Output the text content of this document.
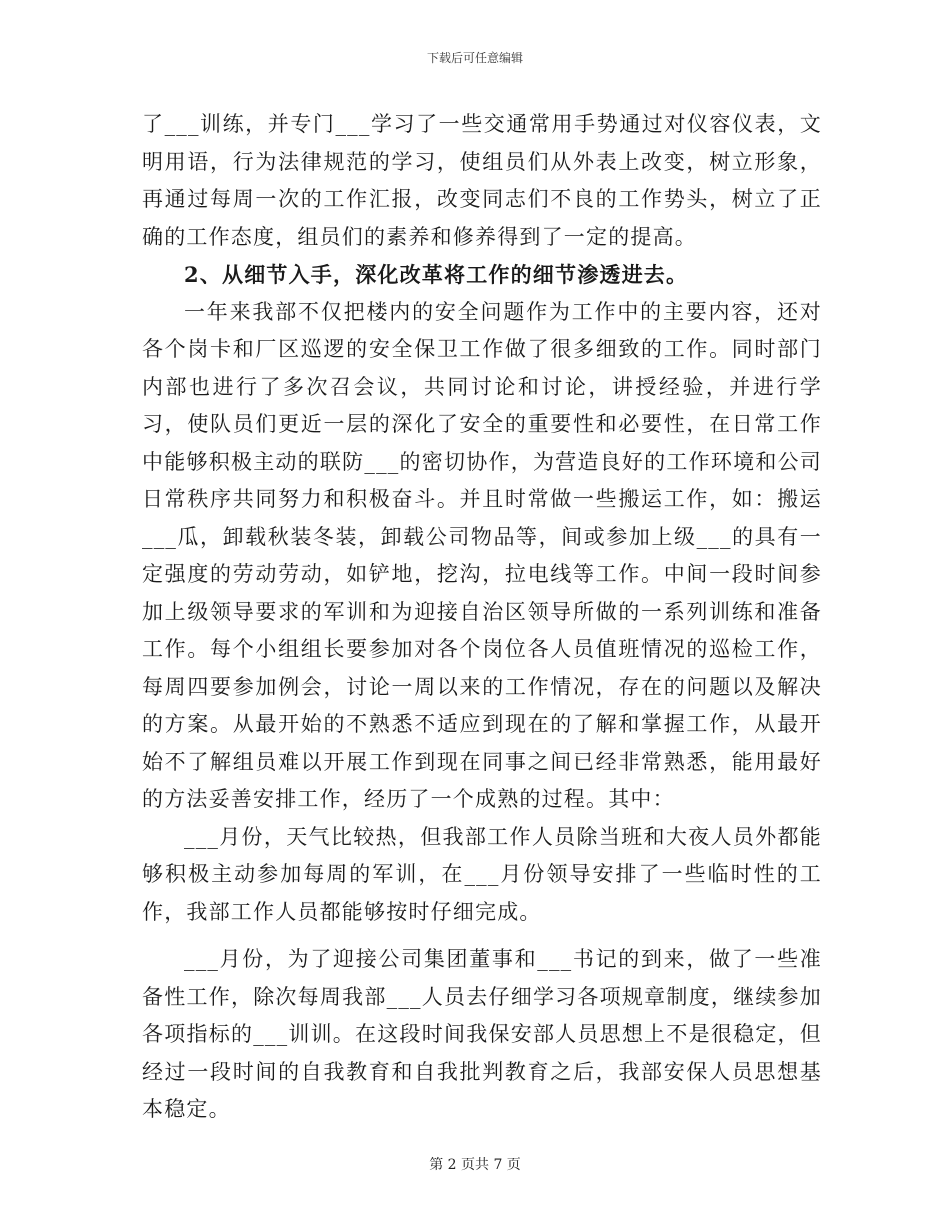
下载后可任意编辑

了___训练，并专门___学习了一些交通常用手势通过对仪容仪表，文明用语，行为法律规范的学习，使组员们从外表上改变，树立形象，再通过每周一次的工作汇报，改变同志们不良的工作势头，树立了正确的工作态度，组员们的素养和修养得到了一定的提高。

2、从细节入手，深化改革将工作的细节渗透进去。

一年来我部不仅把楼内的安全问题作为工作中的主要内容，还对各个岗卡和厂区巡逻的安全保卫工作做了很多细致的工作。同时部门内部也进行了多次召会议，共同讨论和讨论，讲授经验，并进行学习，使队员们更近一层的深化了安全的重要性和必要性，在日常工作中能够积极主动的联防___的密切协作，为营造良好的工作环境和公司日常秩序共同努力和积极奋斗。并且时常做一些搬运工作，如：搬运___瓜，卸载秋装冬装，卸载公司物品等，间或参加上级___的具有一定强度的劳动劳动，如铲地，挖沟，拉电线等工作。中间一段时间参加上级领导要求的军训和为迎接自治区领导所做的一系列训练和准备工作。每个小组组长要参加对各个岗位各人员值班情况的巡检工作，每周四要参加例会，讨论一周以来的工作情况，存在的问题以及解决的方案。从最开始的不熟悉不适应到现在的了解和掌握工作，从最开始不了解组员难以开展工作到现在同事之间已经非常熟悉，能用最好的方法妥善安排工作，经历了一个成熟的过程。其中：

___月份，天气比较热，但我部工作人员除当班和大夜人员外都能够积极主动参加每周的军训，在___月份领导安排了一些临时性的工作，我部工作人员都能够按时仔细完成。

___月份，为了迎接公司集团董事和___书记的到来，做了一些准备性工作，除次每周我部___人员去仔细学习各项规章制度，继续参加各项指标的___训训。在这段时间我保安部人员思想上不是很稳定，但经过一段时间的自我教育和自我批判教育之后，我部安保人员思想基本稳定。

第 2 页共 7 页
